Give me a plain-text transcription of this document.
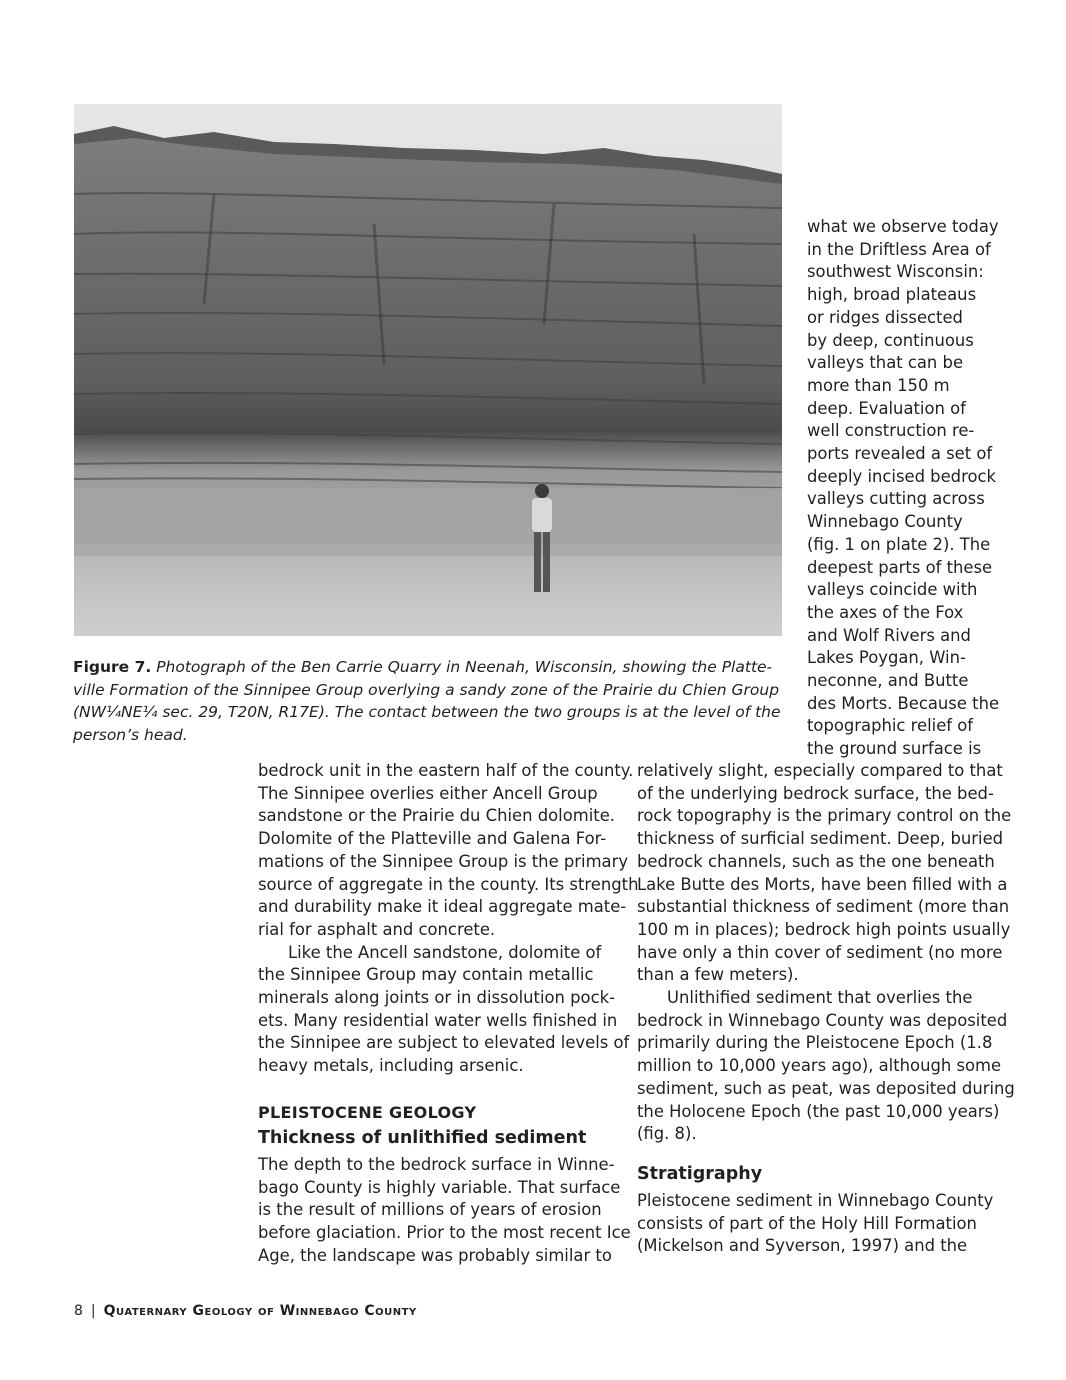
Figure 7. Photograph of the Ben Carrie Quarry in Neenah, Wisconsin, showing the Platte-
ville Formation of the Sinnipee Group overlying a sandy zone of the Prairie du Chien Group
(NW¼NE¼ sec. 29, T20N, R17E). The contact between the two groups is at the level of the
person’s head.
what we observe today
in the Driftless Area of
southwest Wisconsin:
high, broad plateaus
or ridges dissected
by deep, continuous
valleys that can be
more than 150 m
deep. Evaluation of
well construction re-
ports revealed a set of
deeply incised bedrock
valleys cutting across
Winnebago County
(fig. 1 on plate 2). The
deepest parts of these
valleys coincide with
the axes of the Fox
and Wolf Rivers and
Lakes Poygan, Win-
neconne, and Butte
des Morts. Because the
topographic relief of
the ground surface is

bedrock unit in the eastern half of the county.
The Sinnipee overlies either Ancell Group
sandstone or the Prairie du Chien dolomite.
Dolomite of the Platteville and Galena For-
mations of the Sinnipee Group is the primary
source of aggregate in the county. Its strength
and durability make it ideal aggregate mate-
rial for asphalt and concrete.

Like the Ancell sandstone, dolomite of
the Sinnipee Group may contain metallic
minerals along joints or in dissolution pock-
ets. Many residential water wells finished in
the Sinnipee are subject to elevated levels of
heavy metals, including arsenic.

PLEISTOCENE GEOLOGY
Thickness of unlithified sediment

The depth to the bedrock surface in Winne-
bago County is highly variable. That surface
is the result of millions of years of erosion
before glaciation. Prior to the most recent Ice
Age, the landscape was probably similar to

relatively slight, especially compared to that
of the underlying bedrock surface, the bed-
rock topography is the primary control on the
thickness of surficial sediment. Deep, buried
bedrock channels, such as the one beneath
Lake Butte des Morts, have been filled with a
substantial thickness of sediment (more than
100 m in places); bedrock high points usually
have only a thin cover of sediment (no more
than a few meters).

Unlithified sediment that overlies the
bedrock in Winnebago County was deposited
primarily during the Pleistocene Epoch (1.8
million to 10,000 years ago), although some
sediment, such as peat, was deposited during
the Holocene Epoch (the past 10,000 years)
(fig. 8).

Stratigraphy

Pleistocene sediment in Winnebago County
consists of part of the Holy Hill Formation
(Mickelson and Syverson, 1997) and the

8 | Quaternary Geology of Winnebago County
